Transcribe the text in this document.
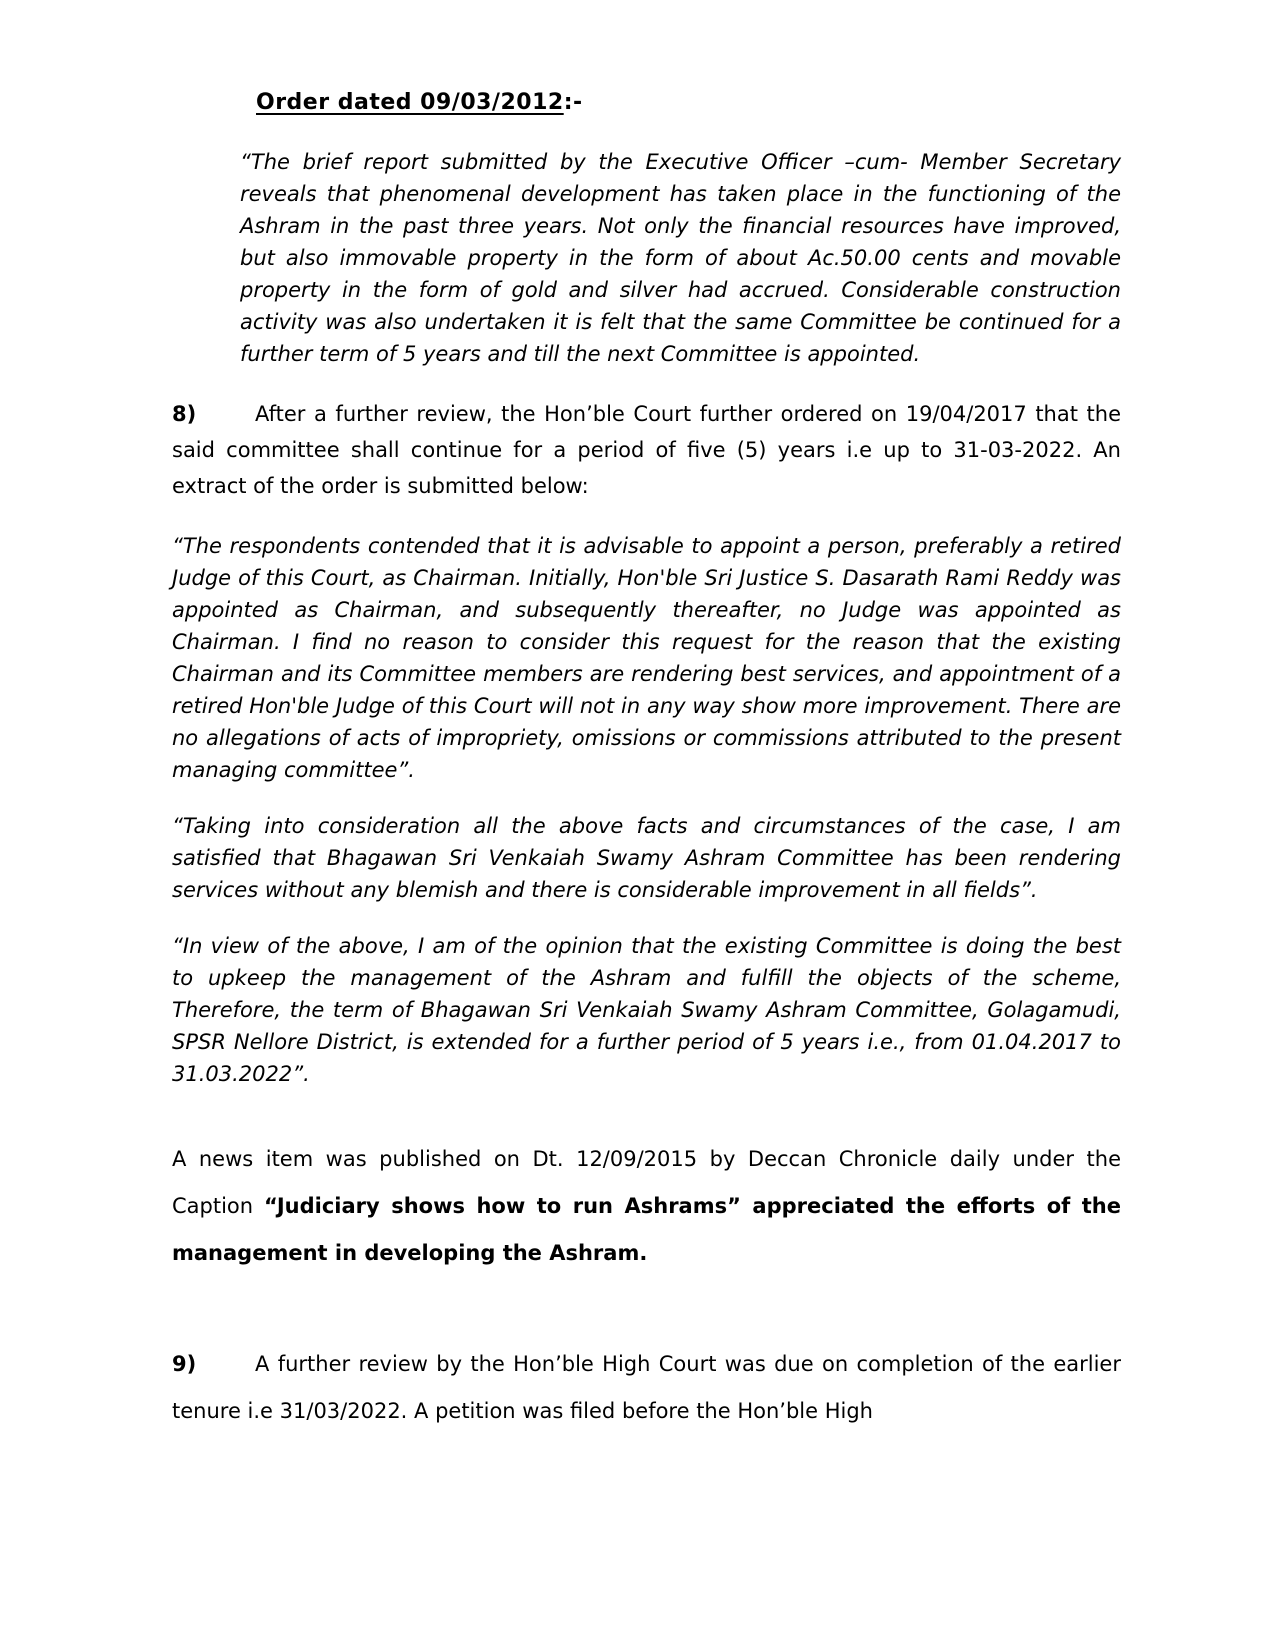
Order dated 09/03/2012:-

“The brief report submitted by the Executive Officer –cum- Member Secretary reveals that phenomenal development has taken place in the functioning of the Ashram in the past three years. Not only the financial resources have improved, but also immovable property in the form of about Ac.50.00 cents and movable property in the form of gold and silver had accrued. Considerable construction activity was also undertaken it is felt that the same Committee be continued for a further term of 5 years and till the next Committee is appointed.

8)	After a further review, the Hon’ble Court further ordered on 19/04/2017 that the said committee shall continue for a period of five (5) years i.e up to 31-03-2022. An extract of the order is submitted below:

“The respondents contended that it is advisable to appoint a person, preferably a retired Judge of this Court, as Chairman. Initially, Hon'ble Sri Justice S. Dasarath Rami Reddy was appointed as Chairman, and subsequently thereafter, no Judge was appointed as Chairman. I find no reason to consider this request for the reason that the existing Chairman and its Committee members are rendering best services, and appointment of a retired Hon'ble Judge of this Court will not in any way show more improvement. There are no allegations of acts of impropriety, omissions or commissions attributed to the present managing committee”.

“Taking into consideration all the above facts and circumstances of the case, I am satisfied that Bhagawan Sri Venkaiah Swamy Ashram Committee has been rendering services without any blemish and there is considerable improvement in all fields”.

“In view of the above, I am of the opinion that the existing Committee is doing the best to upkeep the management of the Ashram and fulfill the objects of the scheme, Therefore, the term of Bhagawan Sri Venkaiah Swamy Ashram Committee, Golagamudi, SPSR Nellore District, is extended for a further period of 5 years i.e., from 01.04.2017 to 31.03.2022”.

A news item was published on Dt. 12/09/2015 by Deccan Chronicle daily under the Caption “Judiciary shows how to run Ashrams” appreciated the efforts of the management in developing the Ashram.

9)	A further review by the Hon’ble High Court was due on completion of the earlier tenure i.e 31/03/2022. A petition was filed before the Hon’ble High
